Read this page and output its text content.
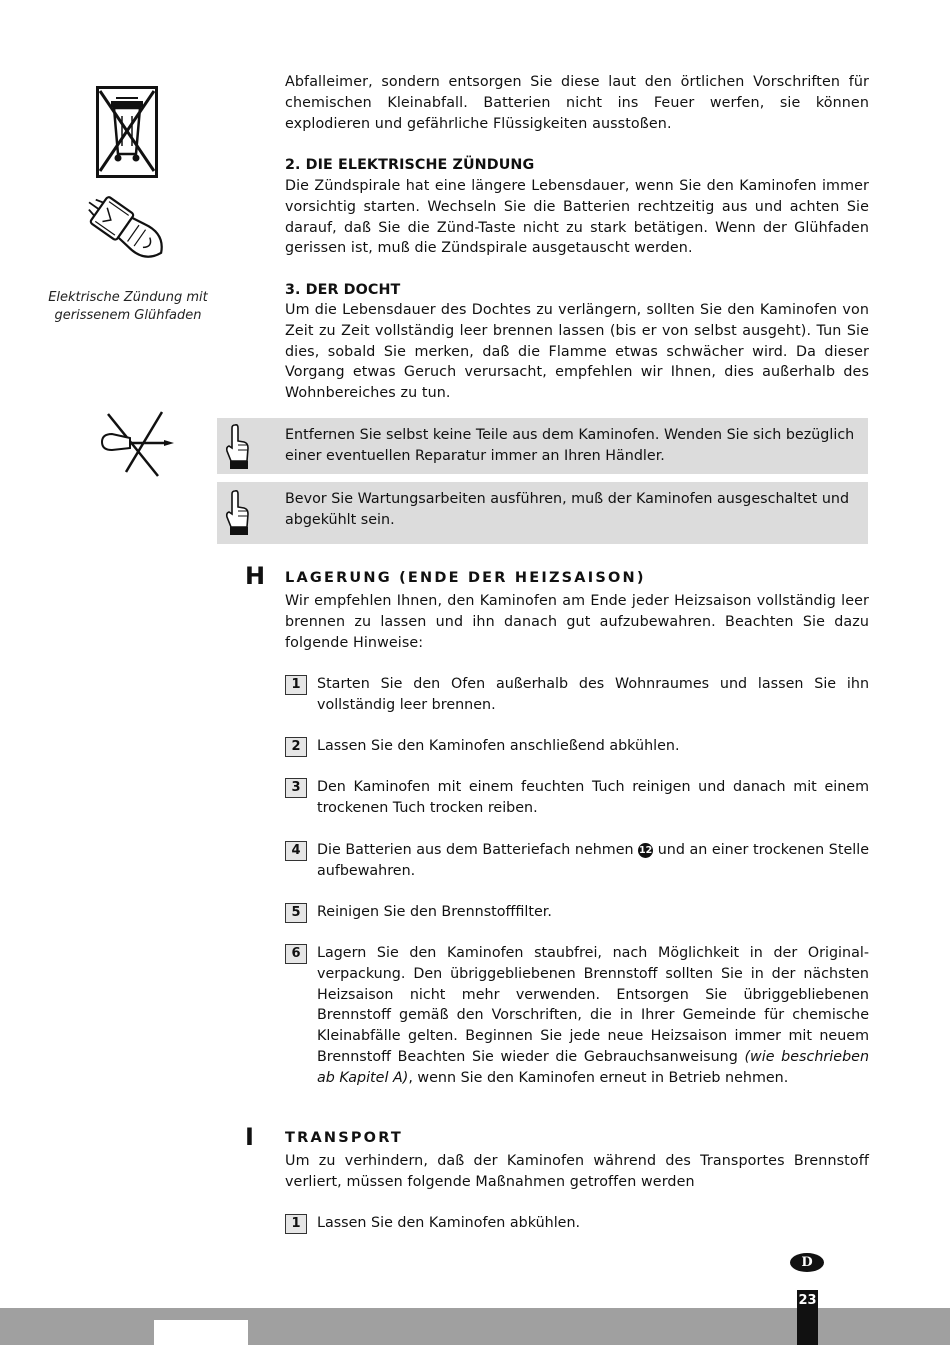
Elektrische Zündung mit
gerissenem Glühfaden
Abfalleimer, sondern entsorgen Sie diese laut den örtlichen Vorschriften für chemischen Kleinabfall. Batterien nicht ins Feuer werfen, sie können explodieren und gefährliche Flüssigkeiten ausstoßen.
2. DIE ELEKTRISCHE ZÜNDUNG
Die Zündspirale hat eine längere Lebensdauer, wenn Sie den Kaminofen immer vorsichtig starten. Wechseln Sie die Batterien rechtzeitig aus und achten Sie darauf, daß Sie die Zünd-Taste nicht zu stark betätigen. Wenn der Glühfaden gerissen ist, muß die Zündspirale ausgetauscht werden.
3. DER DOCHT
Um die Lebensdauer des Dochtes zu verlängern, sollten Sie den Kaminofen von Zeit zu Zeit vollständig leer brennen lassen (bis er von selbst ausgeht). Tun Sie dies, sobald Sie merken, daß die Flamme etwas schwächer wird. Da dieser Vorgang etwas Geruch verursacht, empfehlen wir Ihnen, dies außerhalb des Wohnbereiches zu tun.
Entfernen Sie selbst keine Teile aus dem Kaminofen. Wenden Sie sich bezüglich einer eventuellen Reparatur immer an Ihren Händler.
Bevor Sie Wartungsarbeiten ausführen, muß der Kaminofen ausgeschaltet und abgekühlt sein.
H LAGERUNG (ENDE DER HEIZSAISON)
Wir empfehlen Ihnen, den Kaminofen am Ende jeder Heizsaison vollständig leer brennen zu lassen und ihn danach gut aufzubewahren. Beachten Sie dazu folgende Hinweise:
1	Starten Sie den Ofen außerhalb des Wohnraumes und lassen Sie ihn vollständig leer brennen.
2	Lassen Sie den Kaminofen anschließend abkühlen.
3	Den Kaminofen mit einem feuchten Tuch reinigen und danach mit einem trockenen Tuch trocken reiben.
4	Die Batterien aus dem Batteriefach nehmen 12 und an einer trockenen Stelle aufbewahren.
5	Reinigen Sie den Brennstofffilter.
6	Lagern Sie den Kaminofen staubfrei, nach Möglichkeit in der Originalverpackung. Den übriggebliebenen Brennstoff sollten Sie in der nächsten Heizsaison nicht mehr verwenden. Entsorgen Sie übriggebliebenen Brennstoff gemäß den Vorschriften, die in Ihrer Gemeinde für chemische Kleinabfälle gelten. Beginnen Sie jede neue Heizsaison immer mit neuem Brennstoff Beachten Sie wieder die Gebrauchsanweisung (wie beschrieben ab Kapitel A), wenn Sie den Kaminofen erneut in Betrieb nehmen.
I TRANSPORT
Um zu verhindern, daß der Kaminofen während des Transportes Brennstoff verliert, müssen folgende Maßnahmen getroffen werden
1	Lassen Sie den Kaminofen abkühlen.
D
23
